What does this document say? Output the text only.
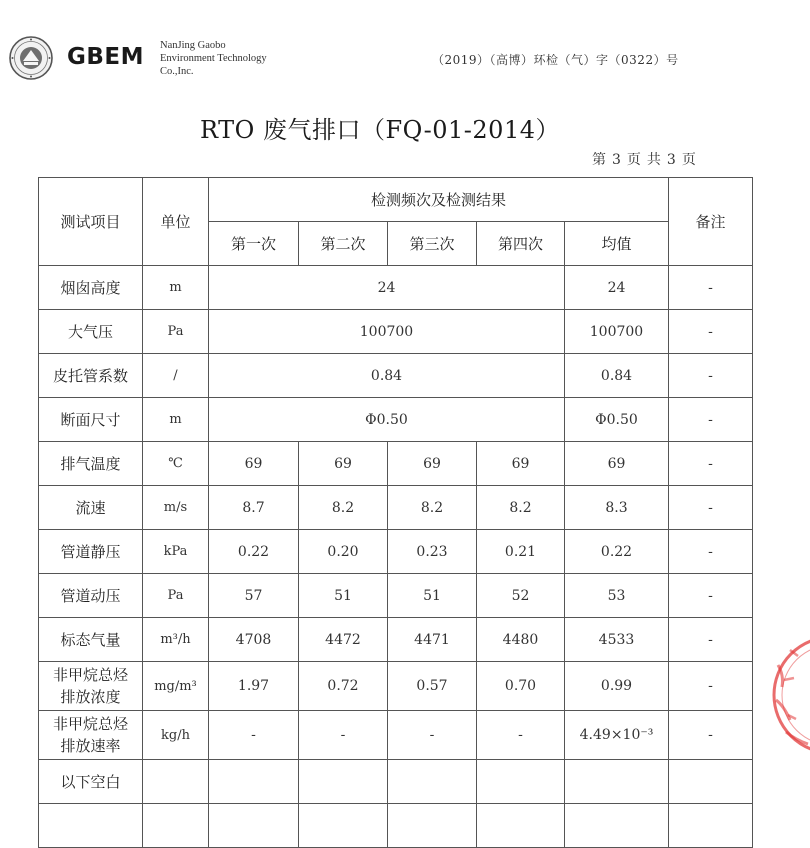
GBEM NanJing Gaobo
Environment Technology
Co.,Inc.
（2019）（高博）环检（气）字（0322）号
RTO 废气排口（FQ-01-2014）
第 3 页 共 3 页
测试项目	单位	检测频次及检测结果					备注
		第一次	第二次	第三次	第四次	均值	
烟囱高度	m	24				24	-
大气压	Pa	100700				100700	-
皮托管系数	/	0.84				0.84	-
断面尺寸	m	Φ0.50				Φ0.50	-
排气温度	℃	69	69	69	69	69	-
流速	m/s	8.7	8.2	8.2	8.2	8.3	-
管道静压	kPa	0.22	0.20	0.23	0.21	0.22	-
管道动压	Pa	57	51	51	52	53	-
标态气量	m³/h	4708	4472	4471	4480	4533	-

非甲烷总烃
排放浓度	mg/m³	1.97	0.72	0.57	0.70	0.99	-

非甲烷总烃
排放速率	kg/h	-	-	-	-	4.49×10⁻³	-
以下空白							
